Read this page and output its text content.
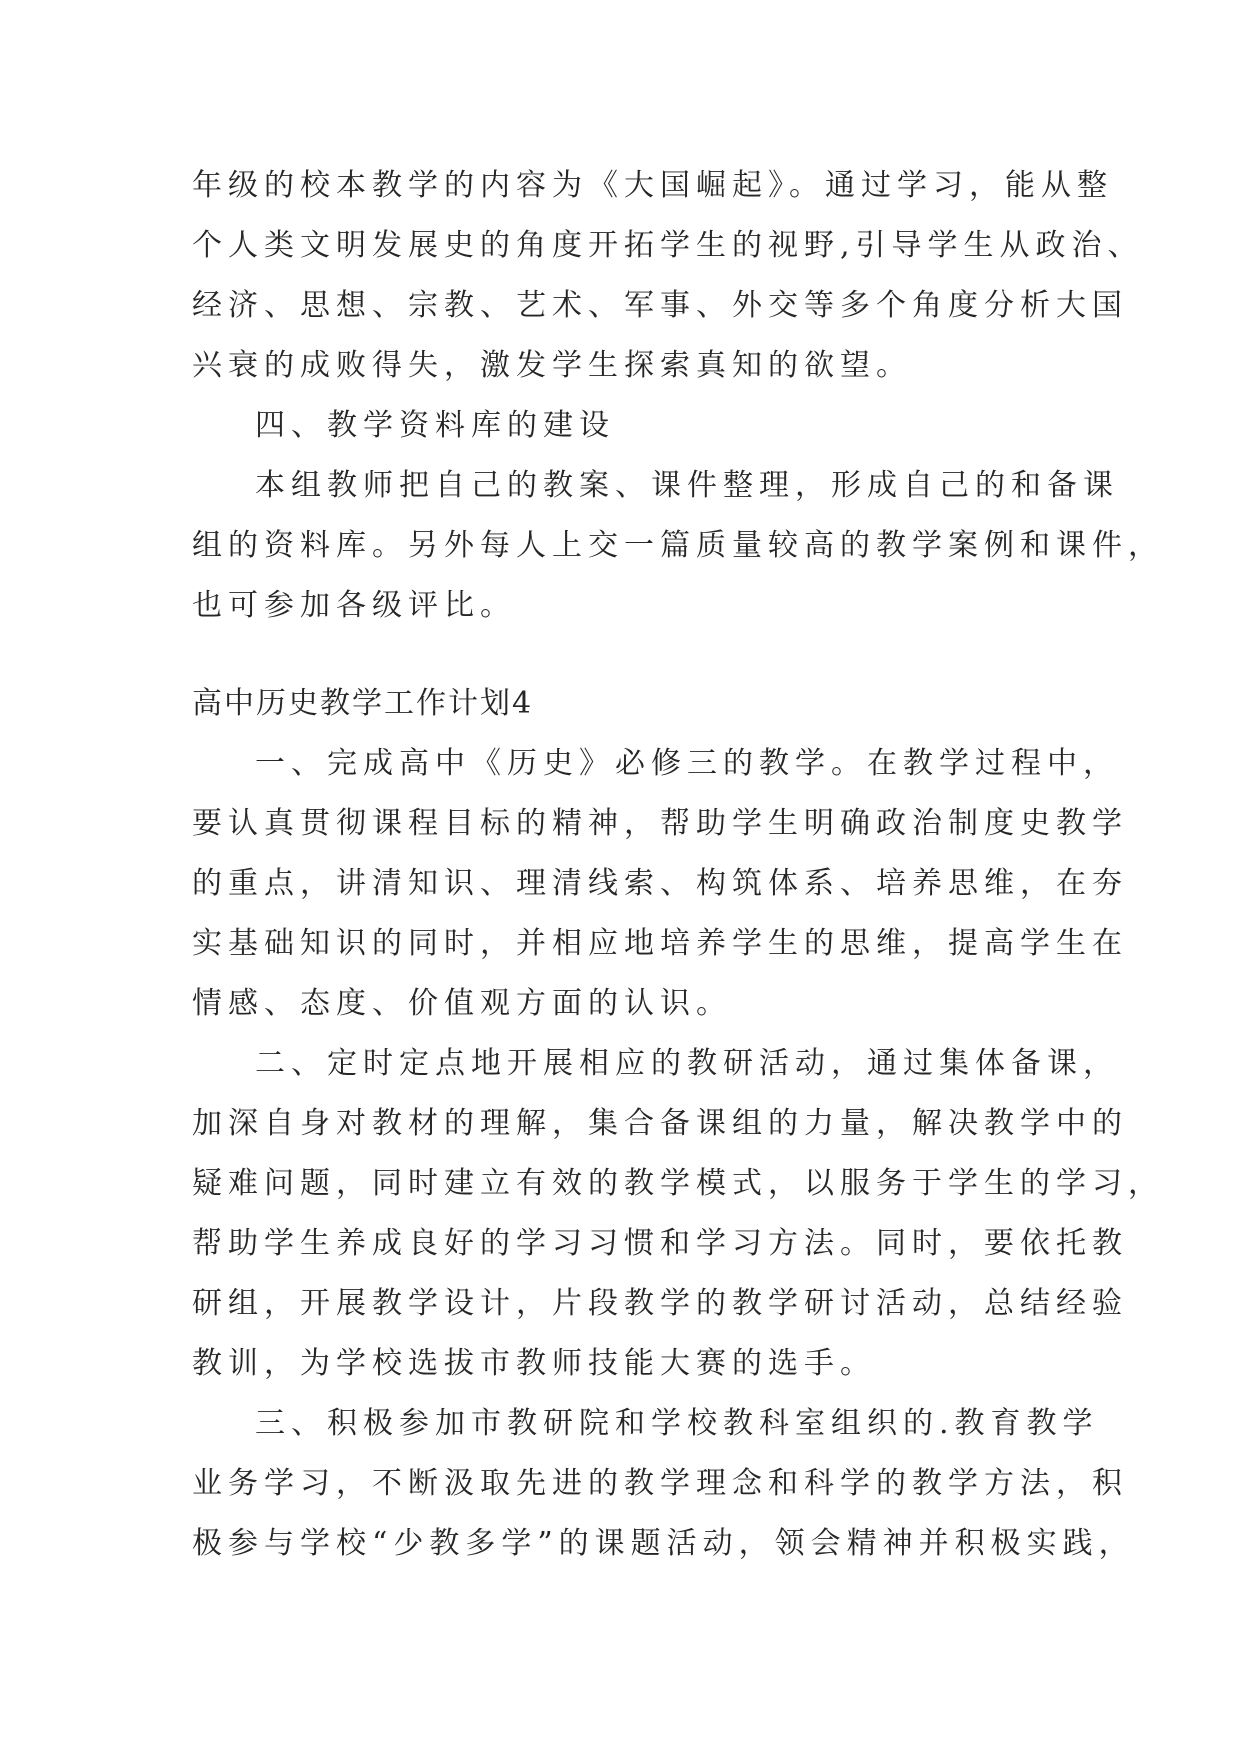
年级的校本教学的内容为《大国崛起》。通过学习，能从整
个人类文明发展史的角度开拓学生的视野,引导学生从政治、
经济、思想、宗教、艺术、军事、外交等多个角度分析大国
兴衰的成败得失，激发学生探索真知的欲望。
四、教学资料库的建设
本组教师把自己的教案、课件整理，形成自己的和备课
组的资料库。另外每人上交一篇质量较高的教学案例和课件，
也可参加各级评比。
高中历史教学工作计划4
一、完成高中《历史》必修三的教学。在教学过程中，
要认真贯彻课程目标的精神，帮助学生明确政治制度史教学
的重点，讲清知识、理清线索、构筑体系、培养思维，在夯
实基础知识的同时，并相应地培养学生的思维，提高学生在
情感、态度、价值观方面的认识。
二、定时定点地开展相应的教研活动，通过集体备课，
加深自身对教材的理解，集合备课组的力量，解决教学中的
疑难问题，同时建立有效的教学模式，以服务于学生的学习，
帮助学生养成良好的学习习惯和学习方法。同时，要依托教
研组，开展教学设计，片段教学的教学研讨活动，总结经验
教训，为学校选拔市教师技能大赛的选手。
三、积极参加市教研院和学校教科室组织的.教育教学
业务学习，不断汲取先进的教学理念和科学的教学方法，积
极参与学校“少教多学”的课题活动，领会精神并积极实践，
